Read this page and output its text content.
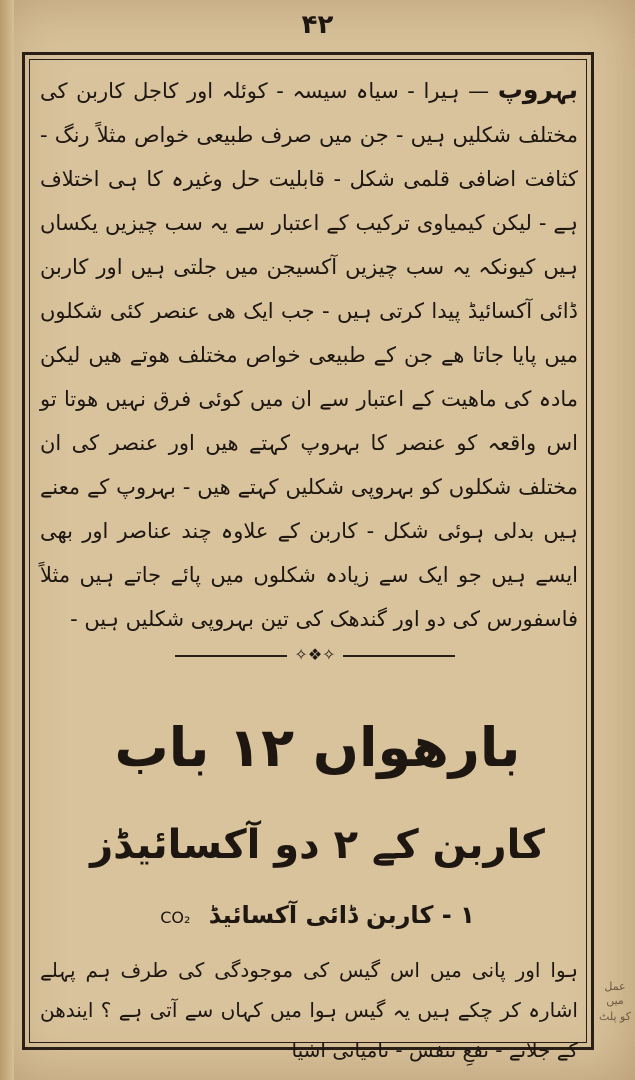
۴۲
بہروپ — ہیرا - سیاہ سیسہ - کوئلہ اور کاجل کاربن کی مختلف شکلیں ہیں - جن میں صرف طبیعی خواص مثلاً رنگ - کثافت اضافی قلمی شکل - قابلیت حل وغیرہ کا ہی اختلاف ہے - لیکن کیمیاوی ترکیب کے اعتبار سے یہ سب چیزیں یکساں ہیں کیونکہ یہ سب چیزیں آکسیجن میں جلتی ہیں اور کاربن ڈائی آکسائیڈ پیدا کرتی ہیں - جب ایک ھی عنصر کئی شکلوں میں پایا جاتا ھے جن کے طبیعی خواص مختلف ھوتے ھیں لیکن مادہ کی ماھیت کے اعتبار سے ان میں کوئی فرق نہیں ھوتا تو اس واقعہ کو عنصر کا بہروپ کہتے ھیں اور عنصر کی ان مختلف شکلوں کو بہروپی شکلیں کہتے ھیں - بہروپ کے معنے ہیں بدلی ہوئی شکل - کاربن کے علاوہ چند عناصر اور بھی ایسے ہیں جو ایک سے زیادہ شکلوں میں پائے جاتے ہیں مثلاً فاسفورس کی دو اور گندھک کی تین بہروپی شکلیں ہیں -
✧❖✧
بارھواں ۱۲ باب
کاربن کے ۲ دو آکسائیڈز
۱ - کاربن ڈائی آکسائیڈ CO₂
ہوا اور پانی میں اس گیس کی موجودگی کی طرف ہم پہلے اشارہ کر چکے ہیں یہ گیس ہوا میں کہاں سے آتی ہے ؟ ایندھن کے جلانے - نفعِ تنفس - نامیاتی اشیا
عمل میں
کو پلٹ
